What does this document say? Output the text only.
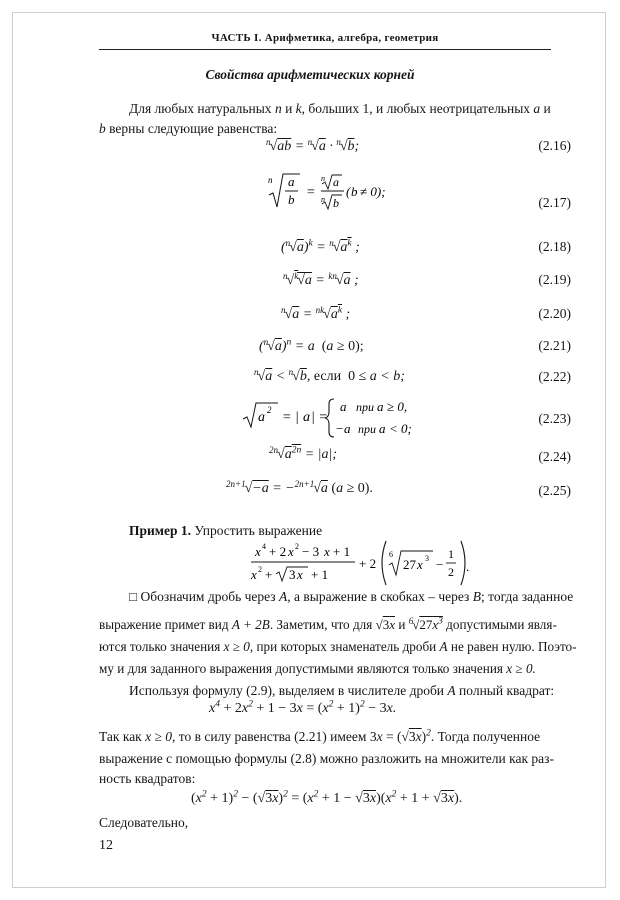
ЧАСТЬ I. Арифметика, алгебра, геометрия
Свойства арифметических корней
Для любых натуральных n и k, больших 1, и любых неотрицательных a и b верны следующие равенства:
$^n$√ab = $^n$√a · $^n$√b;	(2.16)
n a
b =
n a
n b
( b ≠ 0);
(2.17)
$(^n√a)^k = ^n√a^k$ ;	(2.18)
$^n$√$^k$√a = $^{kn}$√a ;	(2.19)
$^n√a = ^{nk}√a^k$ ;	(2.20)
$(^n√a)^n = a$  (a ≥ 0);	(2.21)
$^n$√a < $^n$√b, если 0 ≤ a < b;	(2.22)
a 2 = | a | =
a при a ≥ 0,
− a при a < 0;
(2.23)
$^{2n}√a^{2n} = |a|$;	(2.24)
$^{2n+1}$√−a = −$^{2n+1}$√a (a ≥ 0).	(2.25)
Пример 1. Упростить выражение
x 4 + 2 x 2 − 3 x + 1
x 2 + 3 x + 1
+ 2
6
27 x 3 −
1
2 .
□ Обозначим дробь через A, а выражение в скобках – через B; тогда заданное
выражение примет вид A + 2B. Заметим, что для √3x и $^6√27x^3$ допустимыми явля-
ются только значения x ≥ 0, при которых знаменатель дроби A не равен нулю. Поэто-
му и для заданного выражения допустимыми являются только значения x ≥ 0.
Используя формулу (2.9), выделяем в числителе дроби A полный квадрат:
$x^4 + 2x^2 + 1 - 3x = (x^2 + 1)^2 - 3x$.
Так как x ≥ 0, то в силу равенства (2.21) имеем $3x = (√3x)^2$. Тогда полученное
выражение с помощью формулы (2.8) можно разложить на множители как раз-
ность квадратов:
$(x^2 + 1)^2 - (√3x)^2 = (x^2 + 1 - √3x)(x^2 + 1 + √3x)$.
Следовательно,
12
